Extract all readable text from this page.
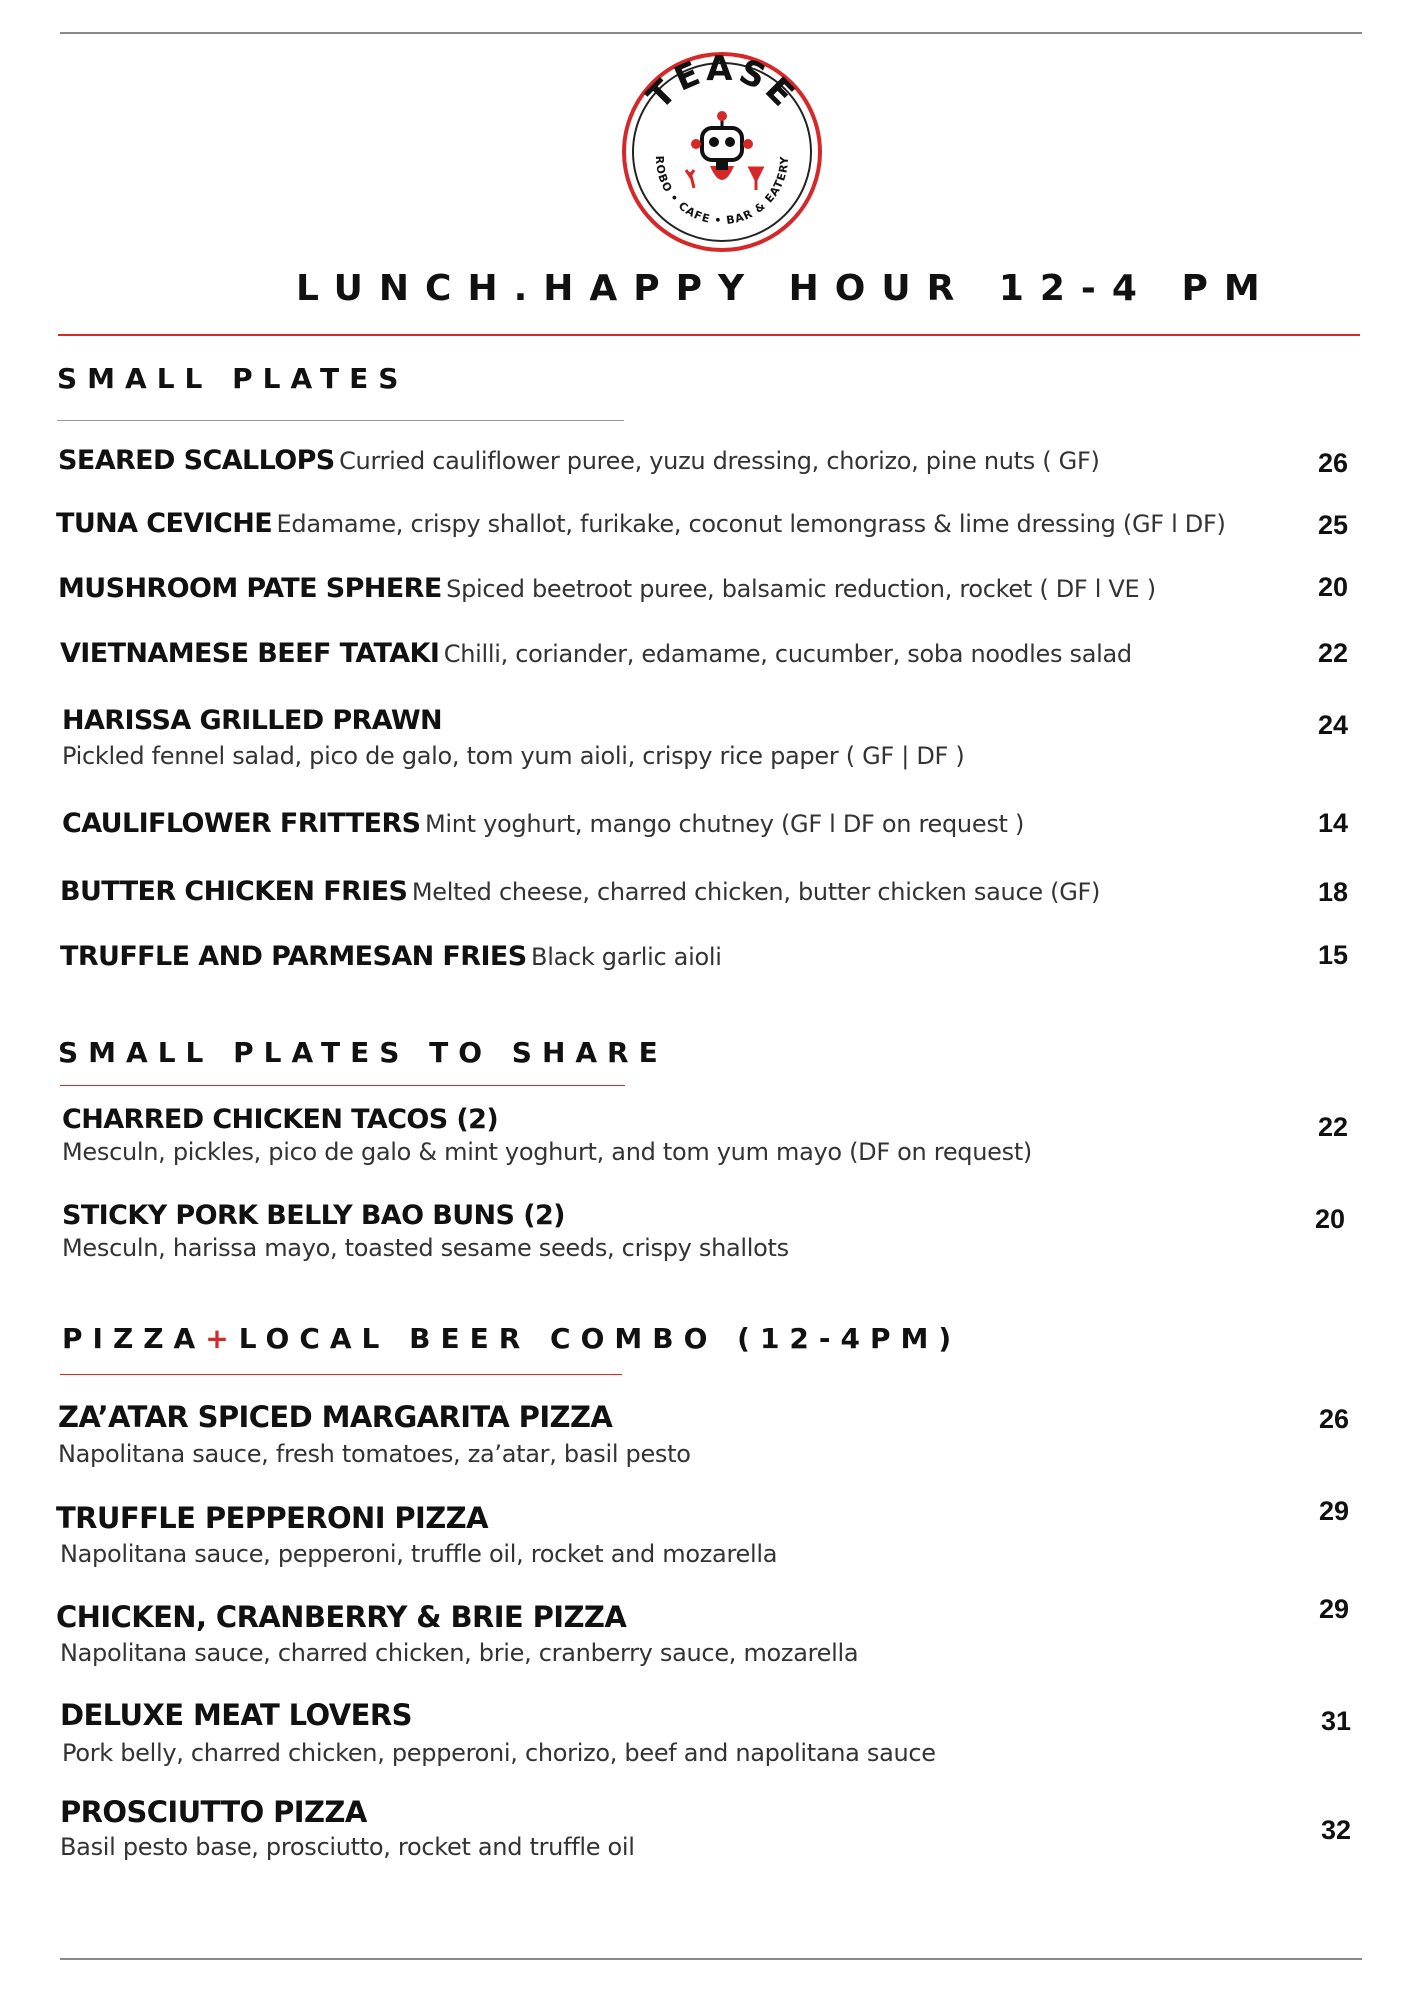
TEASE
ROBO • CAFE • BAR & EATERY
LUNCH.HAPPY HOUR 12-4 PM
SMALL PLATES
SEARED SCALLOPS Curried cauliflower puree, yuzu dressing, chorizo, pine nuts ( GF)	26
TUNA CEVICHE Edamame, crispy shallot, furikake, coconut lemongrass & lime dressing (GF l DF)	25
MUSHROOM PATE SPHERE Spiced beetroot puree, balsamic reduction, rocket ( DF l VE )	20
VIETNAMESE BEEF TATAKI Chilli, coriander, edamame, cucumber, soba noodles salad	22
HARISSA GRILLED PRAWN
Pickled fennel salad, pico de galo, tom yum aioli, crispy rice paper ( GF | DF )
24
CAULIFLOWER FRITTERS Mint yoghurt, mango chutney (GF l DF on request )	14
BUTTER CHICKEN FRIES Melted cheese, charred chicken, butter chicken sauce (GF)	18
TRUFFLE AND PARMESAN FRIES Black garlic aioli	15
SMALL PLATES TO SHARE
CHARRED CHICKEN TACOS (2)
Mesculn, pickles, pico de galo & mint yoghurt, and tom yum mayo (DF on request)
22
STICKY PORK BELLY BAO BUNS (2)
Mesculn, harissa mayo, toasted sesame seeds, crispy shallots
20
PIZZA+LOCAL BEER COMBO (12-4PM)
ZA’ATAR SPICED MARGARITA PIZZA
Napolitana sauce, fresh tomatoes, za’atar, basil pesto
26
TRUFFLE PEPPERONI PIZZA
Napolitana sauce, pepperoni, truffle oil, rocket and mozarella
29
CHICKEN, CRANBERRY & BRIE PIZZA
Napolitana sauce, charred chicken, brie, cranberry sauce, mozarella
29
DELUXE MEAT LOVERS
Pork belly, charred chicken, pepperoni, chorizo, beef and napolitana sauce
31
PROSCIUTTO PIZZA
Basil pesto base, prosciutto, rocket and truffle oil
32
